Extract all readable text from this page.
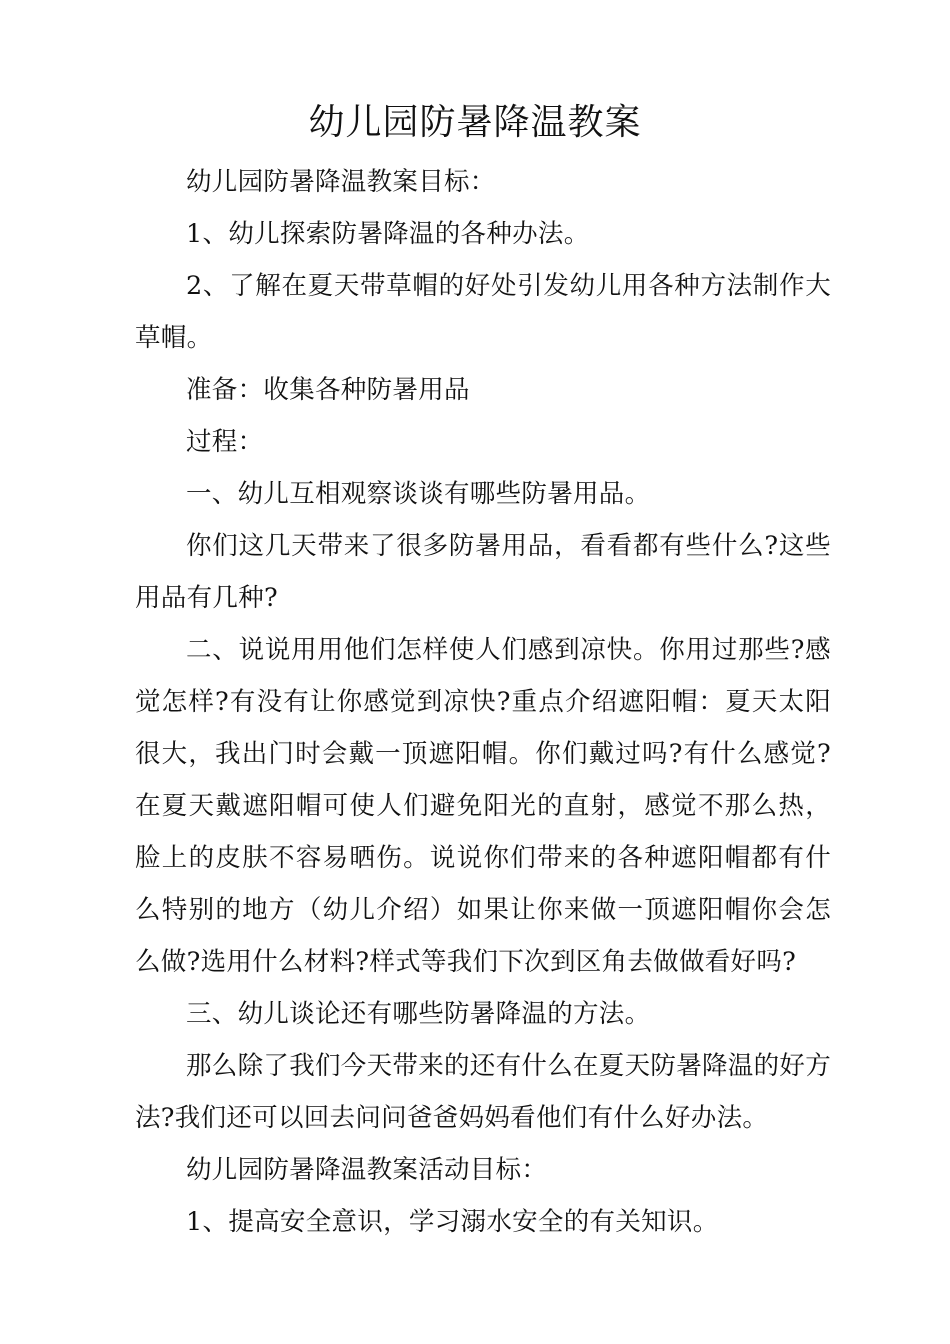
幼儿园防暑降温教案

幼儿园防暑降温教案目标：

1、幼儿探索防暑降温的各种办法。

2、了解在夏天带草帽的好处引发幼儿用各种方法制作大草帽。

准备：收集各种防暑用品

过程：

一、幼儿互相观察谈谈有哪些防暑用品。

你们这几天带来了很多防暑用品，看看都有些什么?这些用品有几种?

二、说说用用他们怎样使人们感到凉快。你用过那些?感觉怎样?有没有让你感觉到凉快?重点介绍遮阳帽：夏天太阳很大，我出门时会戴一顶遮阳帽。你们戴过吗?有什么感觉?在夏天戴遮阳帽可使人们避免阳光的直射，感觉不那么热，脸上的皮肤不容易晒伤。说说你们带来的各种遮阳帽都有什么特别的地方（幼儿介绍）如果让你来做一顶遮阳帽你会怎么做?选用什么材料?样式等我们下次到区角去做做看好吗?

三、幼儿谈论还有哪些防暑降温的方法。

那么除了我们今天带来的还有什么在夏天防暑降温的好方法?我们还可以回去问问爸爸妈妈看他们有什么好办法。

幼儿园防暑降温教案活动目标：

1、提高安全意识，学习溺水安全的有关知识。
